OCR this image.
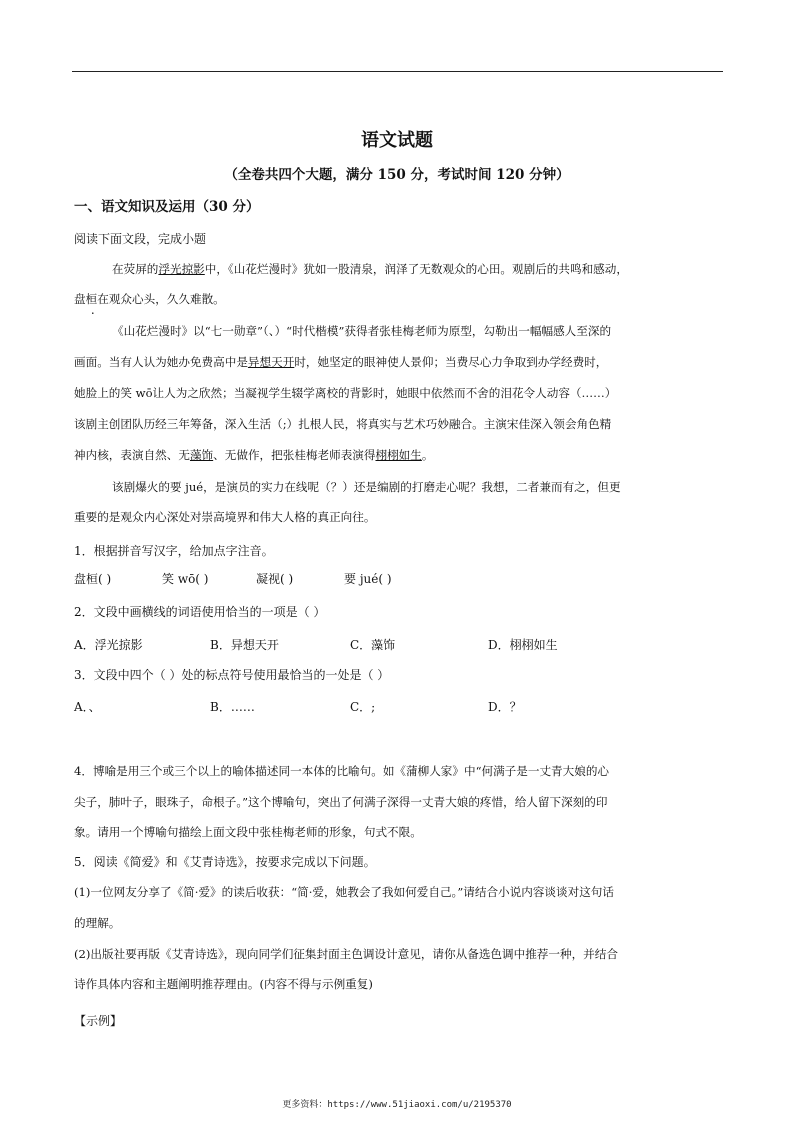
语文试题
（全卷共四个大题，满分 150 分，考试时间 120 分钟）
一、语文知识及运用（30 分）
阅读下面文段，完成小题
在荧屏的浮光掠影中，《山花烂漫时》犹如一股清泉，润泽了无数观众的心田。观剧后的共鸣和感动，
盘桓在观众心头，久久难散。
《山花烂漫时》以“七一勋章”（、）“时代楷模”获得者张桂梅老师为原型，勾勒出一幅幅感人至深的
画面。当有人认为她办免费高中是异想天开时，她坚定的眼神使人景仰；当费尽心力争取到办学经费时，
她脸上的笑 wō让人为之欣然；当凝视学生辍学离校的背影时，她眼中依然而不舍的泪花令人动容（……）
该剧主创团队历经三年筹备，深入生活（;）扎根人民，将真实与艺术巧妙融合。主演宋佳深入领会角色精
神内核，表演自然、无藻饰、无做作，把张桂梅老师表演得栩栩如生。
该剧爆火的要 jué，是演员的实力在线呢（？）还是编剧的打磨走心呢？我想，二者兼而有之，但更
重要的是观众内心深处对崇高境界和伟大人格的真正向往。
1．根据拼音写汉字，给加点字注音。
盘桓( )	笑 wō( )	凝视( )	要 jué( )
2．文段中画横线的词语使用恰当的一项是（ ）
A．浮光掠影	B．异想天开	C．藻饰	D．栩栩如生
3．文段中四个（ ）处的标点符号使用最恰当的一处是（ ）
A．、	B．……	C．;	D．？
4．博喻是用三个或三个以上的喻体描述同一本体的比喻句。如《蒲柳人家》中“何满子是一丈青大娘的心
尖子，肺叶子，眼珠子，命根子。”这个博喻句，突出了何满子深得一丈青大娘的疼惜，给人留下深刻的印
象。请用一个博喻句描绘上面文段中张桂梅老师的形象，句式不限。
5．阅读《简爱》和《艾青诗选》，按要求完成以下问题。
(1)一位网友分享了《简·爱》的读后收获：“简·爱，她教会了我如何爱自己。”请结合小说内容谈谈对这句话
的理解。
(2)出版社要再版《艾青诗选》，现向同学们征集封面主色调设计意见，请你从备选色调中推荐一种，并结合
诗作具体内容和主题阐明推荐理由。(内容不得与示例重复)
【示例】
更多资料：https://www.51jiaoxi.com/u/2195370
